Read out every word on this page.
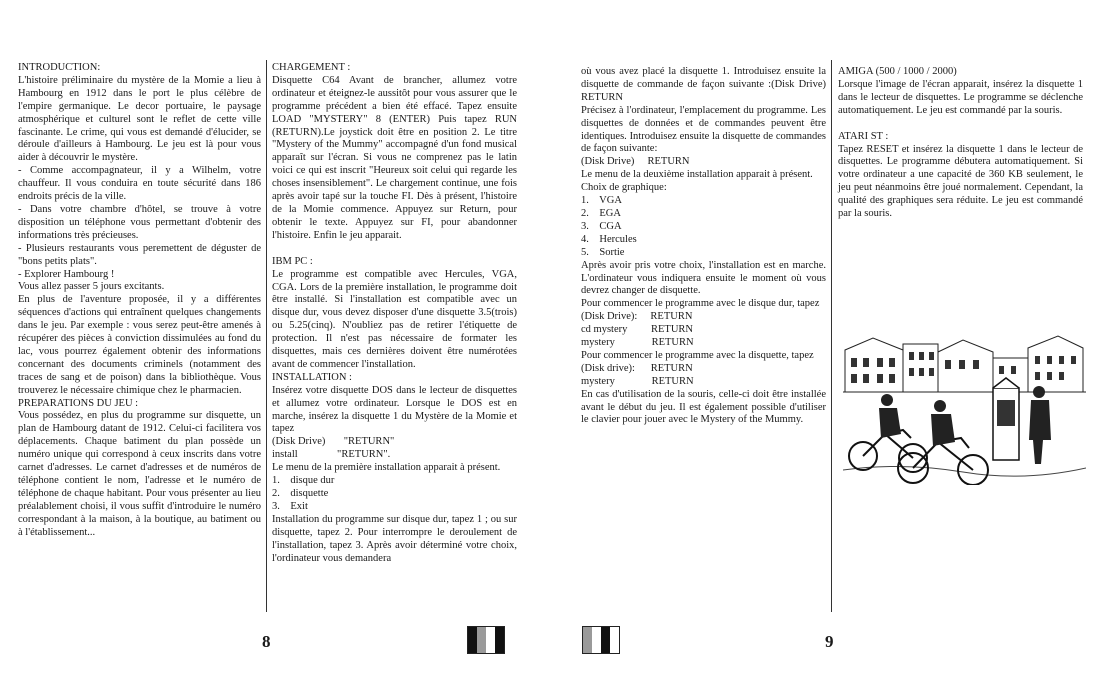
INTRODUCTION:

L'histoire préliminaire du mystère de la Momie a lieu à Hambourg en 1912 dans le port le plus célèbre de l'empire germanique. Le decor portuaire, le paysage atmosphérique et culturel sont le reflet de cette ville fascinante. Le crime, qui vous est demandé d'élucider, se déroule d'ailleurs à Hambourg. Le jeu est là pour vous aider à découvrir le mystère.

- Comme accompagnateur, il y a Wilhelm, votre chauffeur. Il vous conduira en toute sécurité dans 186 endroits précis de la ville.

- Dans votre chambre d'hôtel, se trouve à votre disposition un téléphone vous permettant d'obtenir des informations très précieuses.

- Plusieurs restaurants vous peremettent de déguster de "bons petits plats".

- Explorer Hambourg !

Vous allez passer 5 jours excitants.

En plus de l'aventure proposée, il y a différentes séquences d'actions qui entraînent quelques changements dans le jeu. Par exemple : vous serez peut-être amenés à récupérer des pièces à conviction dissimulées au fond du lac, vous pourrez également obtenir des informations concernant des documents criminels (notamment des traces de sang et de poison) dans la bibliothèque. Vous trouverez le nécessaire chimique chez le pharmacien.

PREPARATIONS DU JEU :

Vous possédez, en plus du programme sur disquette, un plan de Hambourg datant de 1912. Celui-ci facilitera vos déplacements. Chaque batiment du plan possède un numéro unique qui correspond à ceux inscrits dans votre carnet d'adresses. Le carnet d'adresses et de numéros de téléphone contient le nom, l'adresse et le numéro de téléphone de chaque habitant. Pour vous présenter au lieu préalablement choisi, il vous suffit d'introduire le numéro correspondant à la maison, à la boutique, au batiment ou à l'établissement...

CHARGEMENT :

Disquette C64 Avant de brancher, allumez votre ordinateur et éteignez-le aussitôt pour vous assurer que le programme précédent a bien été effacé. Tapez ensuite LOAD "MYSTERY" 8 (ENTER) Puis tapez RUN (RETURN).Le joystick doit être en position 2. Le titre "Mystery of the Mummy" accompagné d'un fond musical apparaît sur l'écran. Si vous ne comprenez pas le latin voici ce qui est inscrit "Heureux soit celui qui regarde les choses insensiblement". Le chargement continue, une fois après avoir tapé sur la touche FI. Dès à présent, l'histoire de la Momie commence. Appuyez sur Return, pour obtenir le texte. Appuyez sur FI, pour abandonner l'histoire. Enfin le jeu apparait.

IBM PC :

Le programme est compatible avec Hercules, VGA, CGA. Lors de la première installation, le programme doit être installé. Si l'installation est compatible avec un disque dur, vous devez disposer d'une disquette 3.5(trois) ou 5.25(cinq). N'oubliez pas de retirer l'étiquette de protection. Il n'est pas nécessaire de formater les disquettes, mais ces dernières doivent être numérotées avant de commencer l'installation.

INSTALLATION :

Insérez votre disquette DOS dans le lecteur de disquettes et allumez votre ordinateur. Lorsque le DOS est en marche, insérez la disquette 1 du Mystère de la Momie et tapez

(Disk Drive)       "RETURN"

install               "RETURN".

Le menu de la première installation apparait à présent.

1.    disque dur

2.    disquette

3.    Exit

Installation du programme sur disque dur, tapez 1 ; ou sur disquette, tapez 2. Pour interrompre le deroulement de l'installation, tapez 3. Après avoir déterminé votre choix, l'ordinateur vous demandera

8

où vous avez placé la disquette 1. Introduisez ensuite la disquette de commande de façon suivante :(Disk Drive) RETURN

Précisez à l'ordinateur, l'emplacement du programme. Les disquettes de données et de commandes peuvent être identiques. Introduisez ensuite la disquette de commandes de façon suivante:

(Disk Drive)     RETURN

Le menu de la deuxième installation apparait à présent.

Choix de graphique:

1.    VGA

2.    EGA

3.    CGA

4.    Hercules

5.    Sortie

Après avoir pris votre choix, l'installation est en marche. L'ordinateur vous indiquera ensuite le moment où vous devrez changer de disquette.

Pour commencer le programme avec le disque dur, tapez

(Disk Drive):     RETURN

cd mystery         RETURN

mystery              RETURN

Pour commencer le programme avec la disquette, tapez

(Disk drive):      RETURN

mystery              RETURN

En cas d'utilisation de la souris, celle-ci doit être installée avant le début du jeu. Il est également possible d'utiliser le clavier pour jouer avec le Mystery of the Mummy.

AMIGA (500 / 1000 / 2000)

Lorsque l'image de l'écran apparait, insérez la disquette 1 dans le lecteur de disquettes. Le programme se déclenche automatiquement. Le jeu est commandé par la souris.

ATARI ST :

Tapez RESET et insérez la disquette 1 dans le lecteur de disquettes. Le programme débutera automatiquement. Si votre ordinateur a une capacité de 360 KB seulement, le jeu peut néanmoins être joué normalement. Cependant, la qualité des graphiques sera réduite. Le jeu est commandé par la souris.

9
